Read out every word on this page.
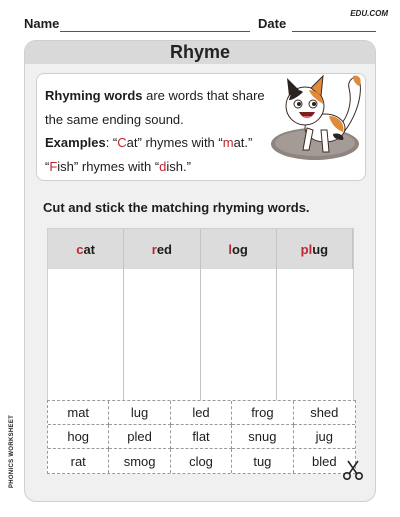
EDU.COM
Name	Date
Rhyme
Rhyming words are words that share
the same ending sound.
Examples: “Cat” rhymes with “mat.”
“Fish” rhymes with “dish.”
Cut and stick the matching rhyming words.
c at	r ed	l og	pl ug
mat	lug	led	frog	shed
hog	pled	flat	snug	jug
rat	smog	clog	tug	bled
PHONICS WORKSHEET
